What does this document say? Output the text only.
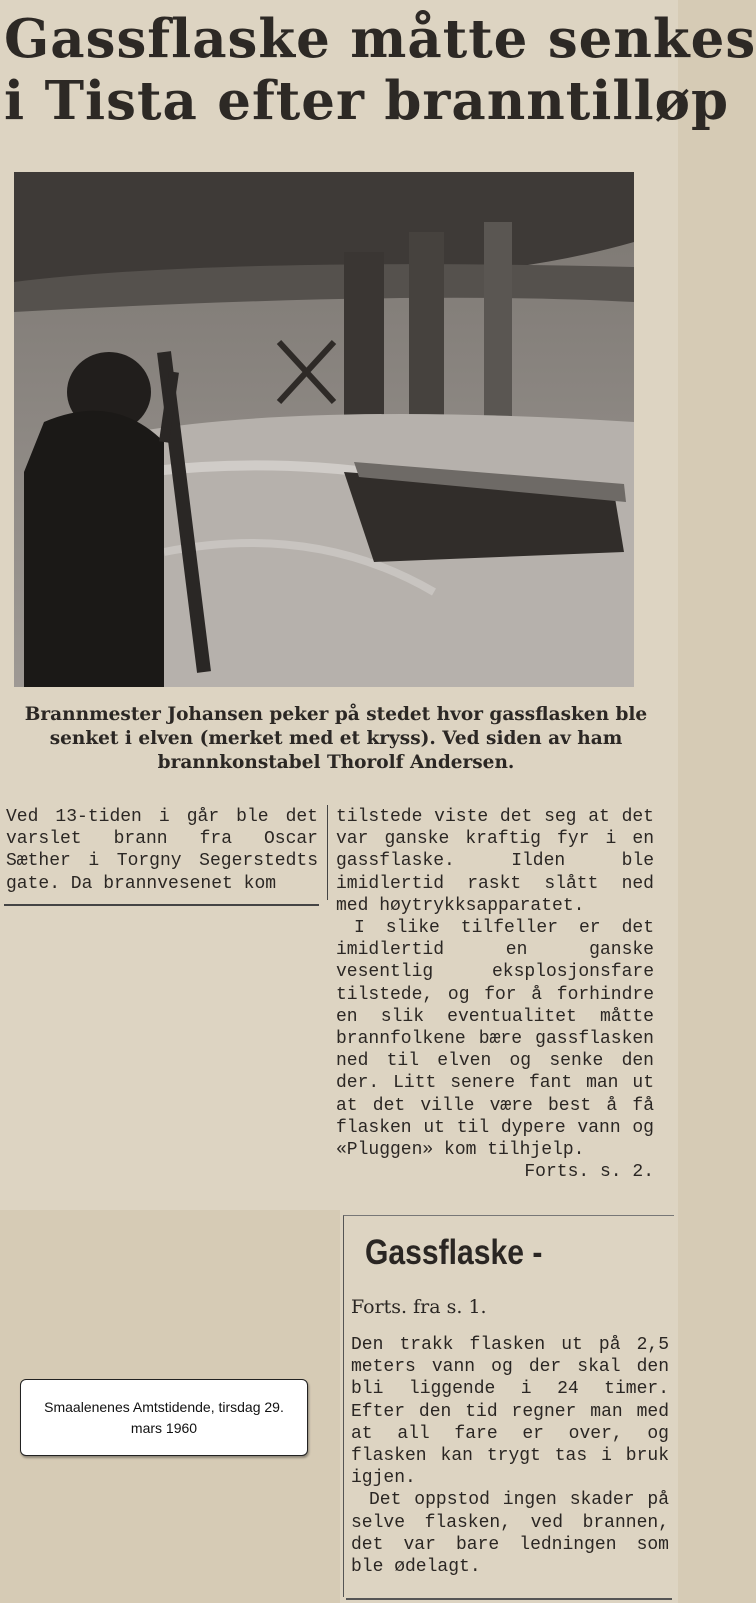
Gassflaske måtte senkes
i Tista efter branntilløp
Brannmester Johansen peker på stedet hvor gassflasken ble senket i elven (merket med et kryss). Ved siden av ham brannkonstabel Thorolf Andersen.

Ved 13-tiden i går ble det varslet brann fra Oscar Sæther i Torgny Segerstedts gate. Da brannvesenet kom

tilstede viste det seg at det var ganske kraftig fyr i en gassflaske. Ilden ble imidlertid raskt slått ned med høytrykksapparatet.

I slike tilfeller er det imidlertid en ganske vesentlig eksplosjonsfare tilstede, og for å forhindre en slik eventualitet måtte brannfolkene bære gassflasken ned til elven og senke den der. Litt senere fant man ut at det ville være best å få flasken ut til dypere vann og «Pluggen» kom tilhjelp.

Forts. s. 2.
Gassflaske -
Forts. fra s. 1.

Den trakk flasken ut på 2,5 meters vann og der skal den bli liggende i 24 timer. Efter den tid regner man med at all fare er over, og flasken kan trygt tas i bruk igjen.

Det oppstod ingen skader på selve flasken, ved brannen, det var bare ledningen som ble ødelagt.

Smaalenenes Amtstidende, tirsdag 29. mars 1960
